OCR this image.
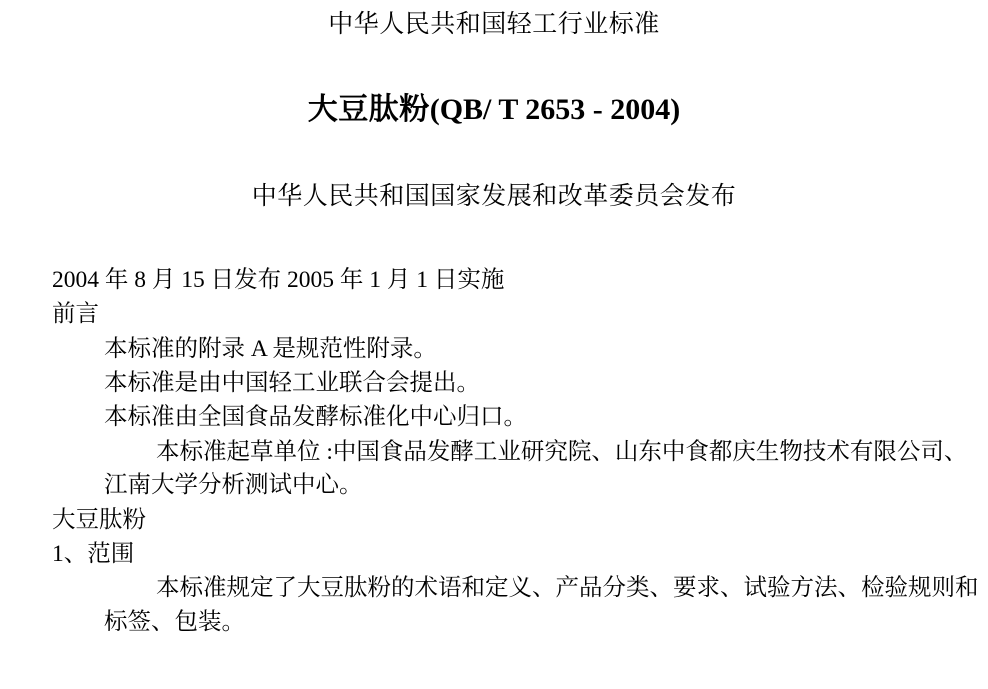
中华人民共和国轻工行业标准
大豆肽粉(QB/ T 2653 - 2004)
中华人民共和国国家发展和改革委员会发布

2004 年 8 月 15 日发布 2005 年 1 月 1 日实施

前言

本标准的附录 A 是规范性附录。

本标准是由中国轻工业联合会提出。

本标准由全国食品发酵标准化中心归口。

本标准起草单位 :中国食品发酵工业研究院、山东中食都庆生物技术有限公司、江南大学分析测试中心。

大豆肽粉

1、范围

本标准规定了大豆肽粉的术语和定义、产品分类、要求、试验方法、检验规则和标签、包装。
